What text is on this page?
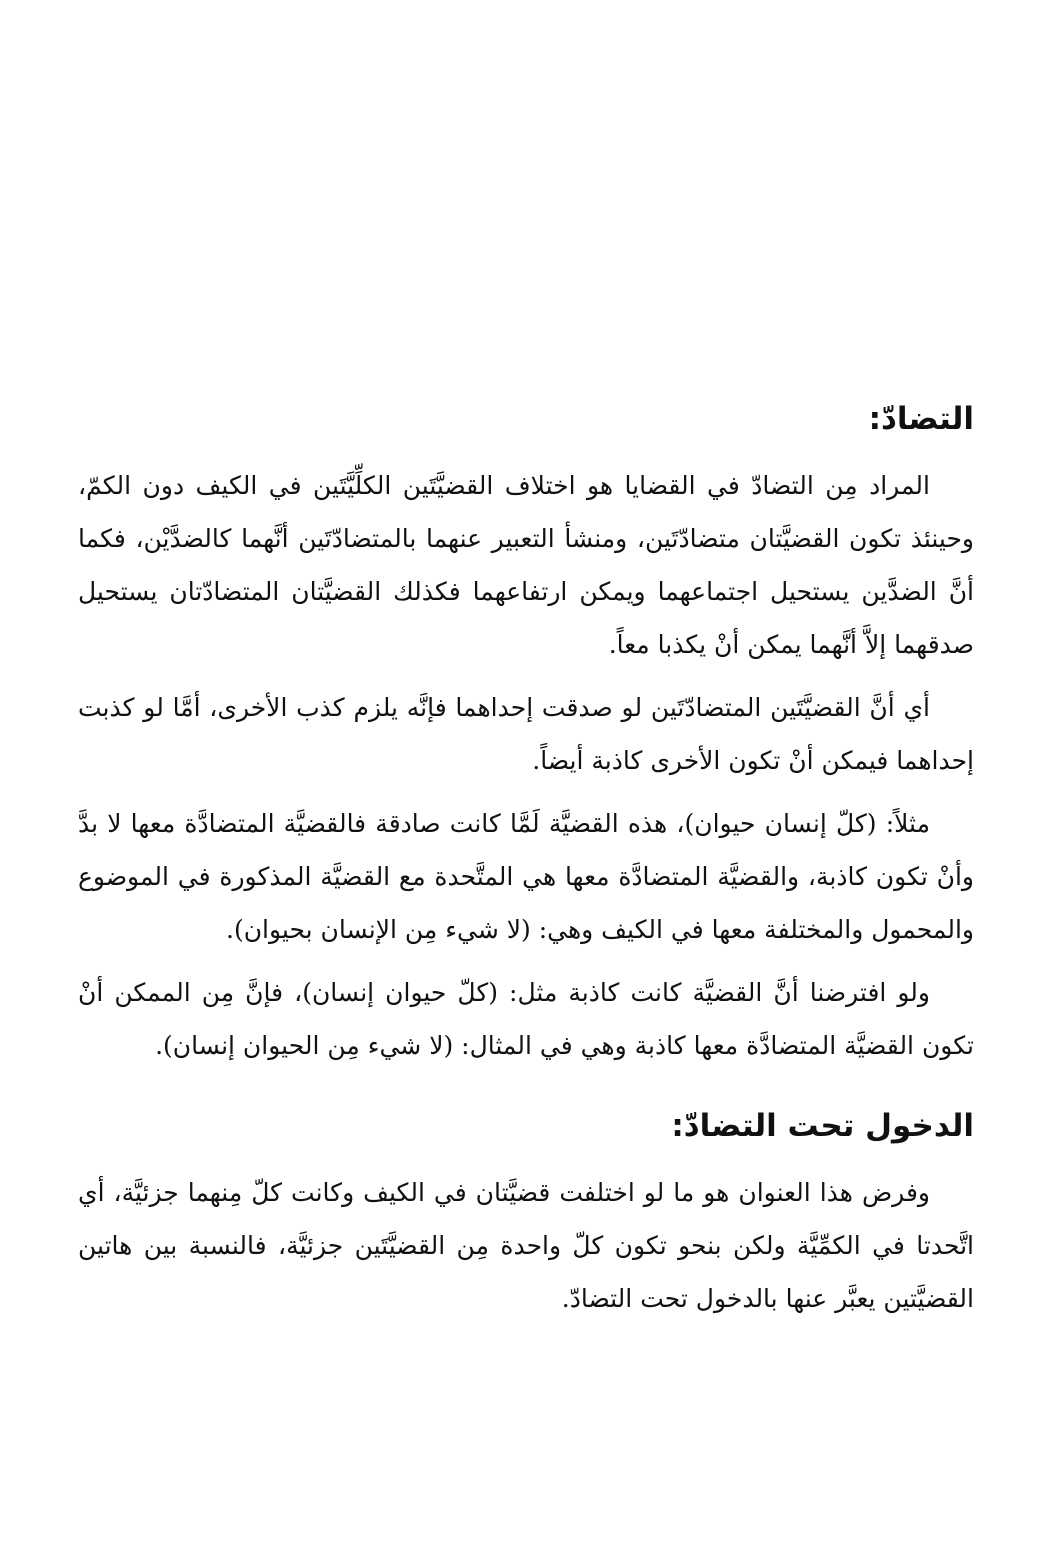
التضادّ:

المراد مِن التضادّ في القضايا هو اختلاف القضيَّتَين الكلِّيَّتَين في الكيف دون الكمّ، وحينئذ تكون القضيَّتان متضادّتَين، ومنشأ التعبير عنهما بالمتضادّتَين أنَّهما كالضدَّيْن، فكما أنَّ الضدَّين يستحيل اجتماعهما ويمكن ارتفاعهما فكذلك القضيَّتان المتضادّتان يستحيل صدقهما إلاَّ أنَّهما يمكن أنْ يكذبا معاً.

أي أنَّ القضيَّتَين المتضادّتَين لو صدقت إحداهما فإنَّه يلزم كذب الأخرى، أمَّا لو كذبت إحداهما فيمكن أنْ تكون الأخرى كاذبة أيضاً.

مثلاً: (كلّ إنسان حيوان)، هذه القضيَّة لَمَّا كانت صادقة فالقضيَّة المتضادَّة معها لا بدَّ وأنْ تكون كاذبة، والقضيَّة المتضادَّة معها هي المتَّحدة مع القضيَّة المذكورة في الموضوع والمحمول والمختلفة معها في الكيف وهي: (لا شيء مِن الإنسان بحيوان).

ولو افترضنا أنَّ القضيَّة كانت كاذبة مثل: (كلّ حيوان إنسان)، فإنَّ مِن الممكن أنْ تكون القضيَّة المتضادَّة معها كاذبة وهي في المثال: (لا شيء مِن الحيوان إنسان).

الدخول تحت التضادّ:

وفرض هذا العنوان هو ما لو اختلفت قضيَّتان في الكيف وكانت كلّ مِنهما جزئيَّة، أي اتَّحدتا في الكمِّيَّة ولكن بنحو تكون كلّ واحدة مِن القضيَّتَين جزئيَّة، فالنسبة بين هاتين القضيَّتين يعبَّر عنها بالدخول تحت التضادّ.
